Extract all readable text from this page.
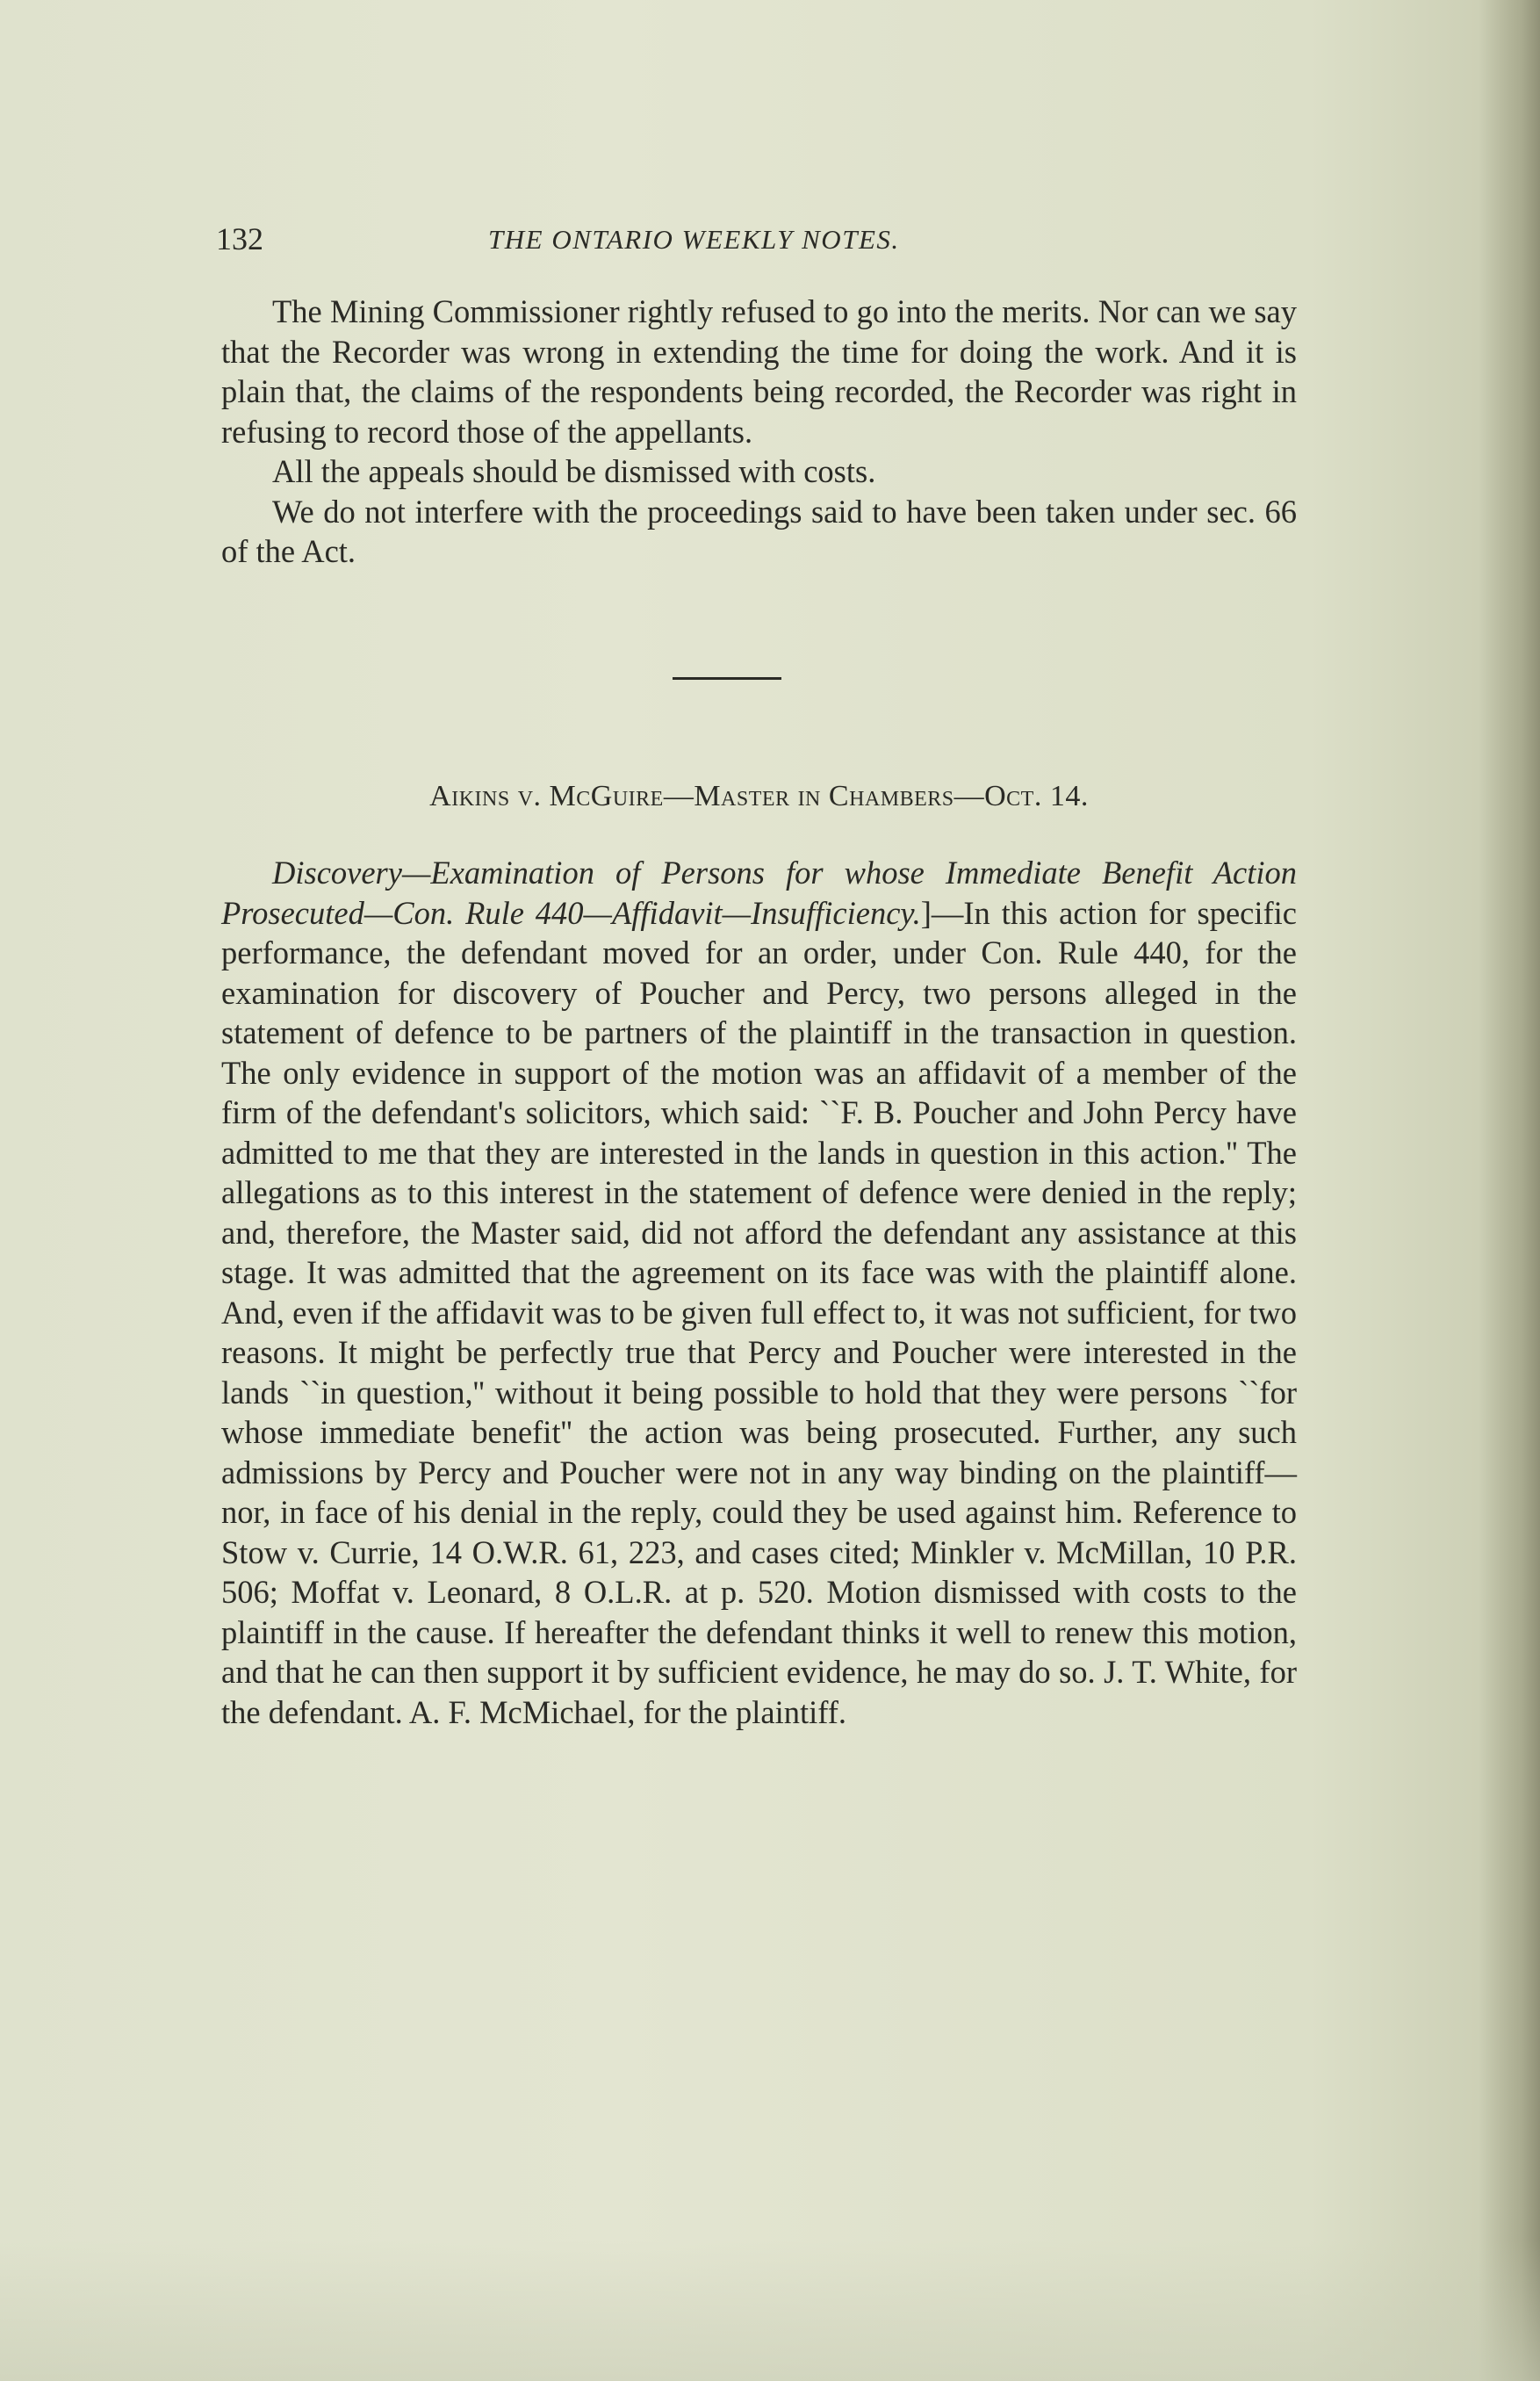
132	THE ONTARIO WEEKLY NOTES.

The Mining Commissioner rightly refused to go into the merits. Nor can we say that the Recorder was wrong in extending the time for doing the work. And it is plain that, the claims of the respondents being recorded, the Recorder was right in refusing to record those of the appellants.

All the appeals should be dismissed with costs.

We do not interfere with the proceedings said to have been taken under sec. 66 of the Act.

Aikins v. McGuire—Master in Chambers—Oct. 14.

Discovery—Examination of Persons for whose Immediate Benefit Action Prosecuted—Con. Rule 440—Affidavit—Insufficiency.]—In this action for specific performance, the defendant moved for an order, under Con. Rule 440, for the examination for discovery of Poucher and Percy, two persons alleged in the statement of defence to be partners of the plaintiff in the transaction in question. The only evidence in support of the motion was an affidavit of a member of the firm of the defendant's solicitors, which said: ``F. B. Poucher and John Percy have admitted to me that they are interested in the lands in question in this action.'' The allegations as to this interest in the statement of defence were denied in the reply; and, therefore, the Master said, did not afford the defendant any assistance at this stage. It was admitted that the agreement on its face was with the plaintiff alone. And, even if the affidavit was to be given full effect to, it was not sufficient, for two reasons. It might be perfectly true that Percy and Poucher were interested in the lands ``in question,'' without it being possible to hold that they were persons ``for whose immediate benefit'' the action was being prosecuted. Further, any such admissions by Percy and Poucher were not in any way binding on the plaintiff—nor, in face of his denial in the reply, could they be used against him. Reference to Stow v. Currie, 14 O.W.R. 61, 223, and cases cited; Minkler v. McMillan, 10 P.R. 506; Moffat v. Leonard, 8 O.L.R. at p. 520. Motion dismissed with costs to the plaintiff in the cause. If hereafter the defendant thinks it well to renew this motion, and that he can then support it by sufficient evidence, he may do so. J. T. White, for the defendant. A. F. McMichael, for the plaintiff.
